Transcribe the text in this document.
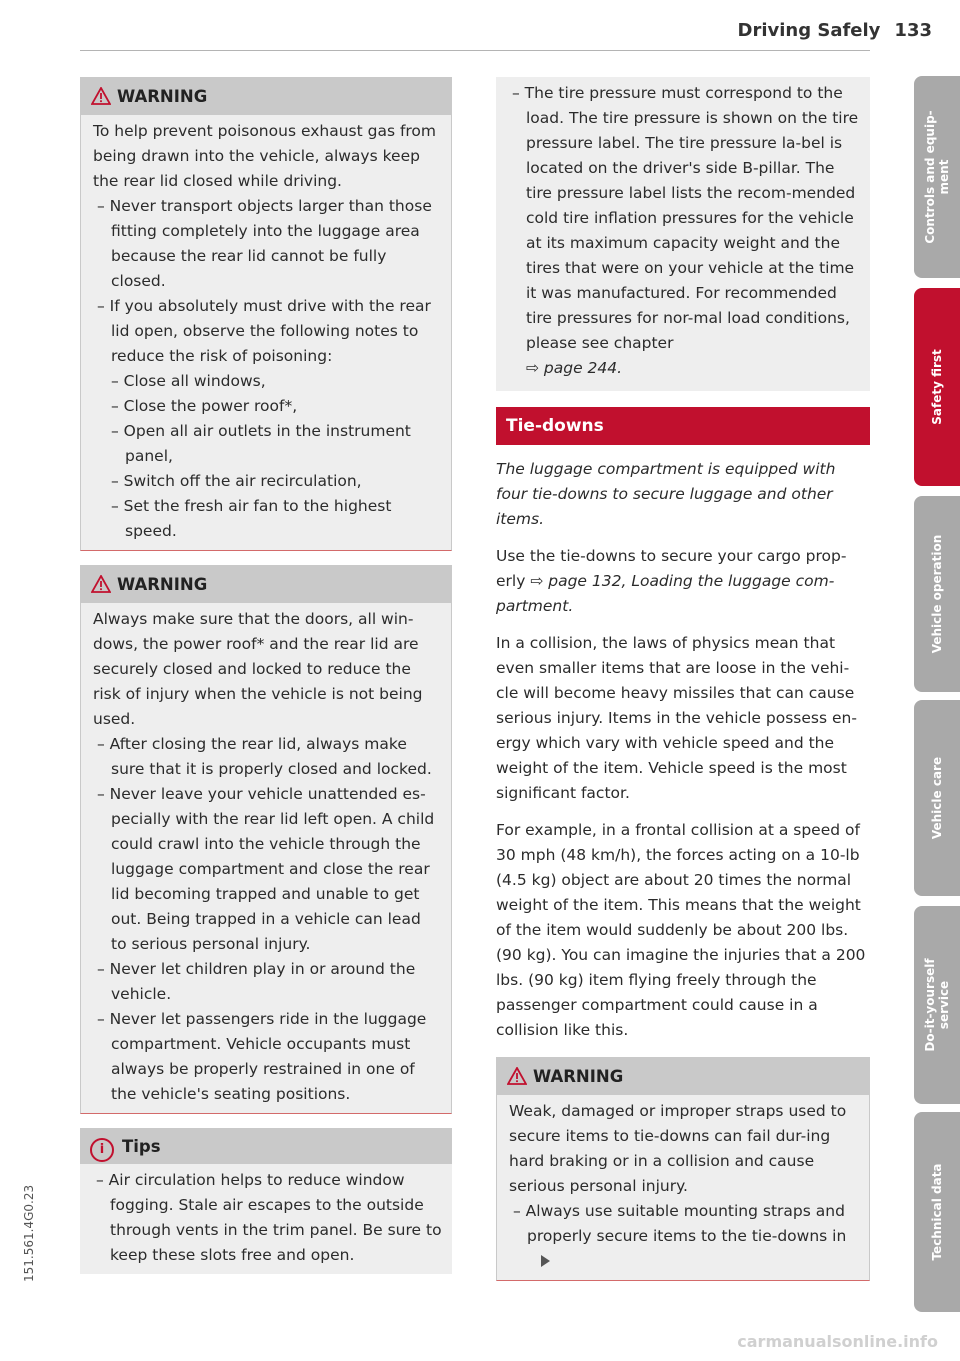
Driving Safely 133
WARNING

To help prevent poisonous exhaust gas from being drawn into the vehicle, always keep the rear lid closed while driving.

– Never transport objects larger than those fitting completely into the luggage area because the rear lid cannot be fully closed.

– If you absolutely must drive with the rear lid open, observe the following notes to reduce the risk of poisoning:

– Close all windows,

– Close the power roof*,

– Open all air outlets in the instrument panel,

– Switch off the air recirculation,

– Set the fresh air fan to the highest speed.

WARNING

Always make sure that the doors, all win-dows, the power roof* and the rear lid are securely closed and locked to reduce the risk of injury when the vehicle is not being used.

– After closing the rear lid, always make sure that it is properly closed and locked.

– Never leave your vehicle unattended es-pecially with the rear lid left open. A child could crawl into the vehicle through the luggage compartment and close the rear lid becoming trapped and unable to get out. Being trapped in a vehicle can lead to serious personal injury.

– Never let children play in or around the vehicle.

– Never let passengers ride in the luggage compartment. Vehicle occupants must always be properly restrained in one of the vehicle's seating positions.

i Tips

– Air circulation helps to reduce window fogging. Stale air escapes to the outside through vents in the trim panel. Be sure to keep these slots free and open.

– The tire pressure must correspond to the load. The tire pressure is shown on the tire pressure label. The tire pressure la-bel is located on the driver's side B-pillar. The tire pressure label lists the recom-mended cold tire inflation pressures for the vehicle at its maximum capacity weight and the tires that were on your vehicle at the time it was manufactured. For recommended tire pressures for nor-mal load conditions, please see chapter
⇨ page 244.

Tie-downs

The luggage compartment is equipped with four tie-downs to secure luggage and other items.

Use the tie-downs to secure your cargo prop-erly ⇨ page 132, Loading the luggage com-partment.

In a collision, the laws of physics mean that even smaller items that are loose in the vehi-cle will become heavy missiles that can cause serious injury. Items in the vehicle possess en-ergy which vary with vehicle speed and the weight of the item. Vehicle speed is the most significant factor.

For example, in a frontal collision at a speed of 30 mph (48 km/h), the forces acting on a 10-lb (4.5 kg) object are about 20 times the normal weight of the item. This means that the weight of the item would suddenly be about 200 lbs. (90 kg). You can imagine the injuries that a 200 lbs. (90 kg) item flying freely through the passenger compartment could cause in a collision like this.

WARNING

Weak, damaged or improper straps used to secure items to tie-downs can fail dur-ing hard braking or in a collision and cause serious personal injury.

– Always use suitable mounting straps and properly secure items to the tie-downs in

Controls and equip-
ment
Safety first
Vehicle operation
Vehicle care
Do-it-yourself
service
Technical data
151.561.4G0.23
carmanualsonline.info
